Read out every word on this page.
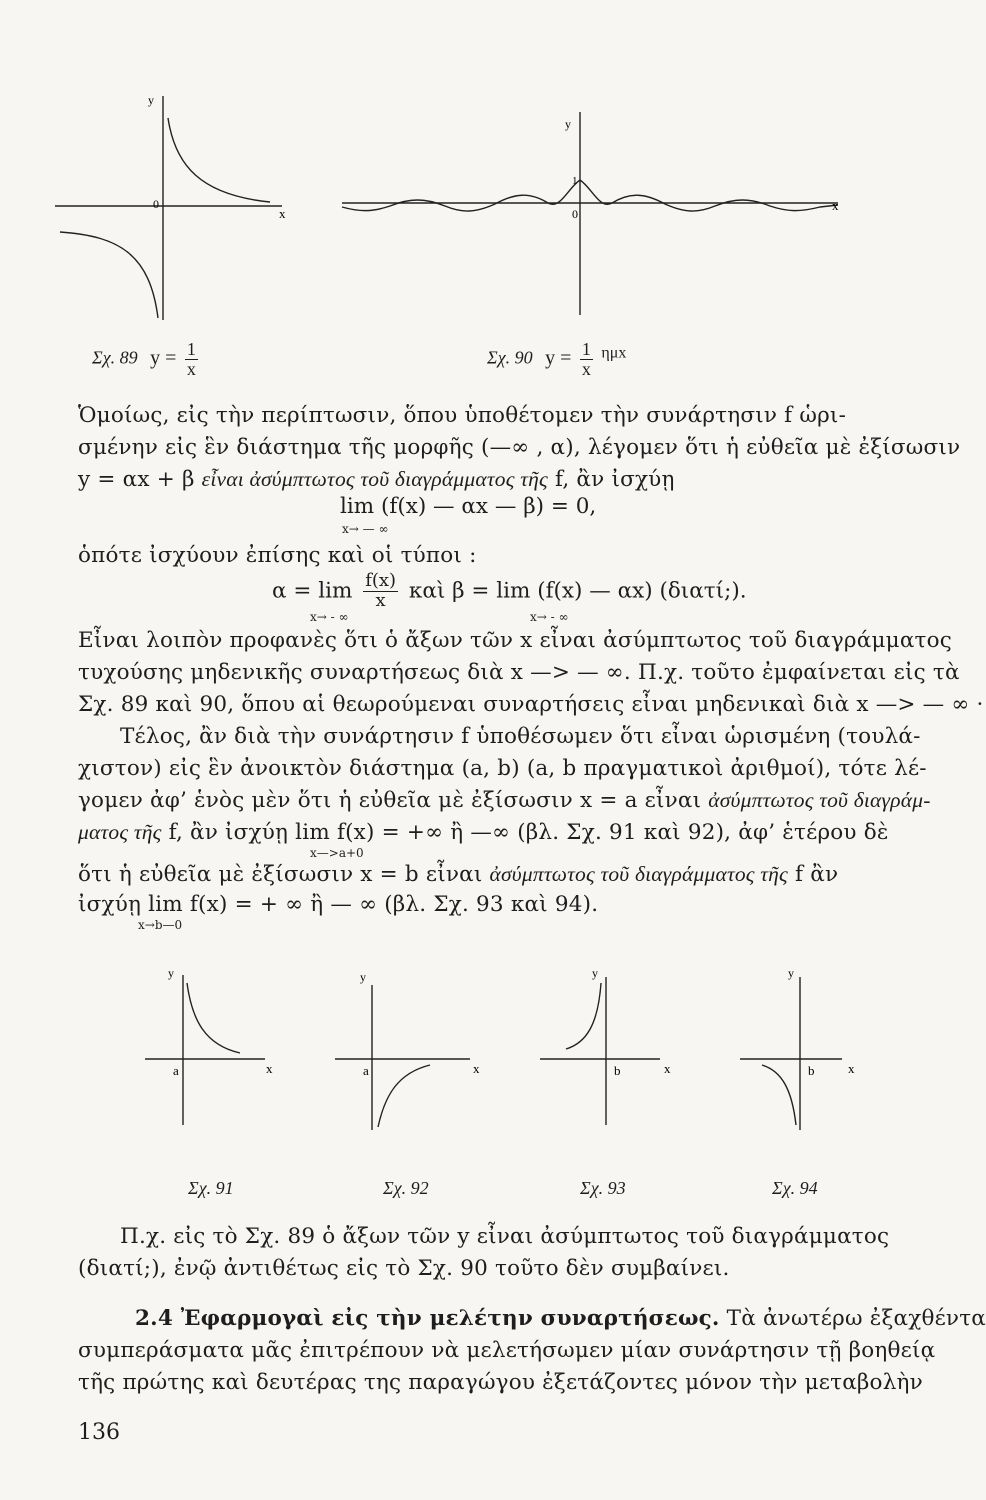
y
0
x
y
1
0
x
Σχ. 89 $y = \frac{1}{x}$	Σχ. 90 $y = \frac{1}{x}$ ημx
Ὁμοίως, εἰς τὴν περίπτωσιν, ὅπου ὑποθέτομεν τὴν συνάρτησιν f ὡρι-
σμένην εἰς ἓν διάστημα τῆς μορφῆς (—∞ , α), λέγομεν ὅτι ἡ εὐθεῖα μὲ ἐξίσωσιν
y = αx + β εἶναι ἀσύμπτωτος τοῦ διαγράμματος τῆς f, ἂν ἰσχύῃ
lim (f(x) — αx — β) = 0,
x→ — ∞
ὁπότε ἰσχύουν ἐπίσης καὶ οἱ τύποι :
$\alpha = \lim \frac{f(x)}{x}$ καὶ β = lim (f(x) — αx) (διατί;).
x→ - ∞	x→ - ∞
Εἶναι λοιπὸν προφανὲς ὅτι ὁ ἄξων τῶν x εἶναι ἀσύμπτωτος τοῦ διαγράμματος
τυχούσης μηδενικῆς συναρτήσεως διὰ x —> — ∞. Π.χ. τοῦτο ἐμφαίνεται εἰς τὰ
Σχ. 89 καὶ 90, ὅπου αἱ θεωρούμεναι συναρτήσεις εἶναι μηδενικαὶ διὰ x —> — ∞ ·
Τέλος, ἂν διὰ τὴν συνάρτησιν f ὑποθέσωμεν ὅτι εἶναι ὡρισμένη (τουλά-
χιστον) εἰς ἓν ἀνοικτὸν διάστημα (a, b) (a, b πραγματικοὶ ἀριθμοί), τότε λέ-
γομεν ἀφ’ ἑνὸς μὲν ὅτι ἡ εὐθεῖα μὲ ἐξίσωσιν x = a εἶναι ἀσύμπτωτος τοῦ διαγράμ-
ματος τῆς f, ἂν ἰσχύῃ lim f(x) = +∞ ἢ —∞ (βλ. Σχ. 91 καὶ 92), ἀφ’ ἑτέρου δὲ
x—>a+0
ὅτι ἡ εὐθεῖα μὲ ἐξίσωσιν x = b εἶναι ἀσύμπτωτος τοῦ διαγράμματος τῆς f ἂν
ἰσχύῃ lim f(x) = + ∞ ἢ — ∞ (βλ. Σχ. 93 καὶ 94).
x→b—0
y
a	x
y
a	x
y
b	x
y
b	x
Σχ. 91	Σχ. 92	Σχ. 93	Σχ. 94
Π.χ. εἰς τὸ Σχ. 89 ὁ ἄξων τῶν y εἶναι ἀσύμπτωτος τοῦ διαγράμματος
(διατί;), ἐνῷ ἀντιθέτως εἰς τὸ Σχ. 90 τοῦτο δὲν συμβαίνει.
2.4 Ἐφαρμογαὶ εἰς τὴν μελέτην συναρτήσεως. Τὰ ἀνωτέρω ἐξαχθέντα
συμπεράσματα μᾶς ἐπιτρέπουν νὰ μελετήσωμεν μίαν συνάρτησιν τῇ βοηθείᾳ
τῆς πρώτης καὶ δευτέρας της παραγώγου ἐξετάζοντες μόνον τὴν μεταβολὴν
136
